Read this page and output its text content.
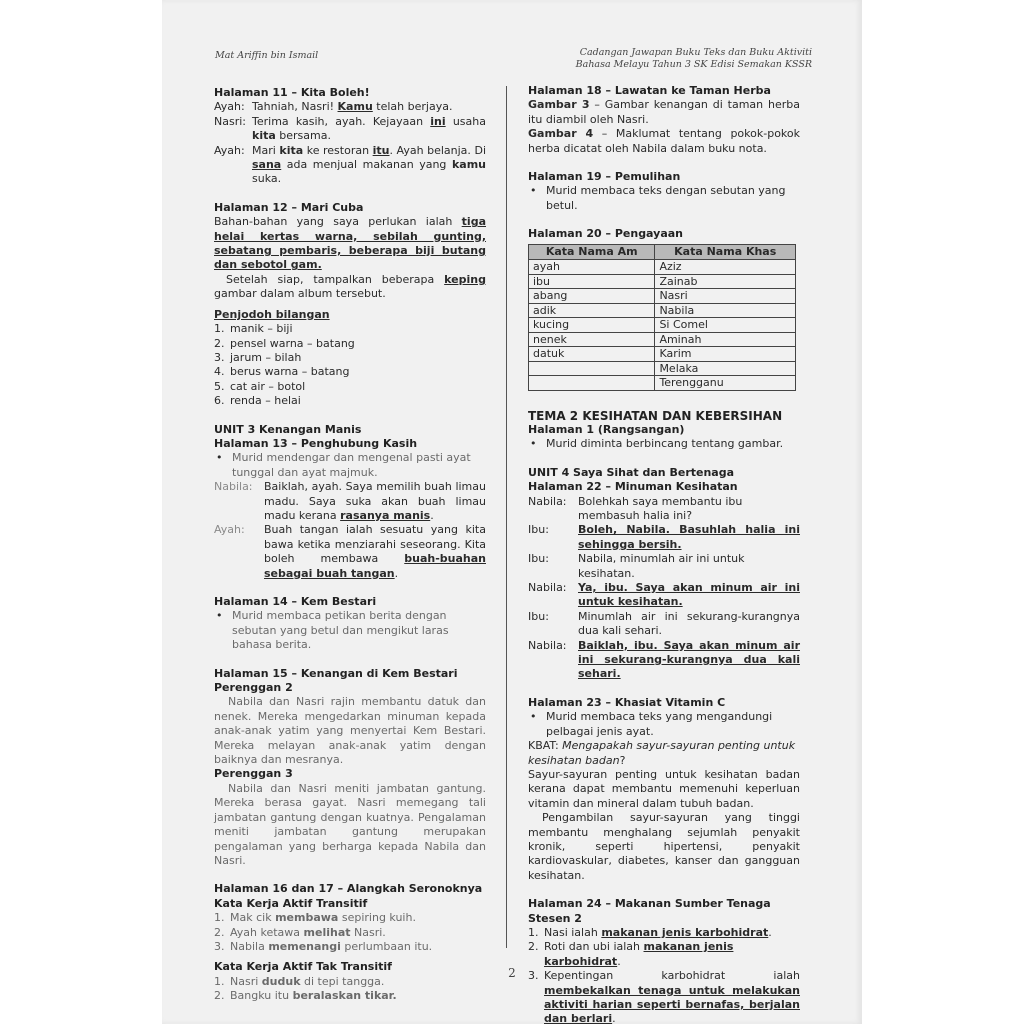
Mat Ariffin bin Ismail	Cadangan Jawapan Buku Teks dan Buku Aktiviti
Bahasa Melayu Tahun 3 SK Edisi Semakan KSSR

Halaman 11 – Kita Boleh!

Ayah: Tahniah, Nasri! Kamu telah berjaya.
Nasri: Terima kasih, ayah. Kejayaan ini usaha kita bersama.
Ayah: Mari kita ke restoran itu. Ayah belanja. Di sana ada menjual makanan yang kamu suka.

Halaman 12 – Mari Cuba

Bahan-bahan yang saya perlukan ialah tiga helai kertas warna, sebilah gunting, sebatang pembaris, beberapa biji butang dan sebotol gam.

Setelah siap, tampalkan beberapa keping gambar dalam album tersebut.

Penjodoh bilangan

1. manik – biji
2. pensel warna – batang
3. jarum – bilah
4. berus warna – batang
5. cat air – botol
6. renda – helai

UNIT 3 Kenangan Manis

Halaman 13 – Penghubung Kasih

• Murid mendengar dan mengenal pasti ayat tunggal dan ayat majmuk.
Nabila:	Baiklah, ayah. Saya memilih buah limau madu. Saya suka akan buah limau madu kerana rasanya manis.
Ayah:	Buah tangan ialah sesuatu yang kita bawa ketika menziarahi seseorang. Kita boleh membawa buah-buahan sebagai buah tangan.

Halaman 14 – Kem Bestari

• Murid membaca petikan berita dengan sebutan yang betul dan mengikut laras bahasa berita.

Halaman 15 – Kenangan di Kem Bestari

Perenggan 2

Nabila dan Nasri rajin membantu datuk dan nenek. Mereka mengedarkan minuman kepada anak-anak yatim yang menyertai Kem Bestari. Mereka melayan anak-anak yatim dengan baiknya dan mesranya.

Perenggan 3

Nabila dan Nasri meniti jambatan gantung. Mereka berasa gayat. Nasri memegang tali jambatan gantung dengan kuatnya. Pengalaman meniti jambatan gantung merupakan pengalaman yang berharga kepada Nabila dan Nasri.

Halaman 16 dan 17 – Alangkah Seronoknya

Kata Kerja Aktif Transitif

1. Mak cik membawa sepiring kuih.
2. Ayah ketawa melihat Nasri.
3. Nabila memenangi perlumbaan itu.

Kata Kerja Aktif Tak Transitif

1. Nasri duduk di tepi tangga.
2. Bangku itu beralaskan tikar.

Halaman 18 – Lawatan ke Taman Herba

Gambar 3 – Gambar kenangan di taman herba itu diambil oleh Nasri.

Gambar 4 – Maklumat tentang pokok-pokok herba dicatat oleh Nabila dalam buku nota.

Halaman 19 – Pemulihan

• Murid membaca teks dengan sebutan yang betul.

Halaman 20 – Pengayaan

Kata Nama Am	Kata Nama Khas
ayah	Aziz
ibu	Zainab
abang	Nasri
adik	Nabila
kucing	Si Comel
nenek	Aminah
datuk	Karim
	Melaka
	Terengganu

TEMA 2 KESIHATAN DAN KEBERSIHAN

Halaman 1 (Rangsangan)

• Murid diminta berbincang tentang gambar.

UNIT 4 Saya Sihat dan Bertenaga

Halaman 22 – Minuman Kesihatan

Nabila:	Bolehkah saya membantu ibu membasuh halia ini?
Ibu:	Boleh, Nabila. Basuhlah halia ini sehingga bersih.
Ibu:	Nabila, minumlah air ini untuk kesihatan.
Nabila:	Ya, ibu. Saya akan minum air ini untuk kesihatan.
Ibu:	Minumlah air ini sekurang-kurangnya dua kali sehari.
Nabila:	Baiklah, ibu. Saya akan minum air ini sekurang-kurangnya dua kali sehari.

Halaman 23 – Khasiat Vitamin C

• Murid membaca teks yang mengandungi pelbagai jenis ayat.

KBAT: Mengapakah sayur-sayuran penting untuk kesihatan badan?

Sayur-sayuran penting untuk kesihatan badan kerana dapat membantu memenuhi keperluan vitamin dan mineral dalam tubuh badan.

Pengambilan sayur-sayuran yang tinggi membantu menghalang sejumlah penyakit kronik, seperti hipertensi, penyakit kardiovaskular, diabetes, kanser dan gangguan kesihatan.

Halaman 24 – Makanan Sumber Tenaga

Stesen 2

1. Nasi ialah makanan jenis karbohidrat.
2. Roti dan ubi ialah makanan jenis karbohidrat.
3. Kepentingan karbohidrat ialah membekalkan tenaga untuk melakukan aktiviti harian seperti bernafas, berjalan dan berlari.
2
